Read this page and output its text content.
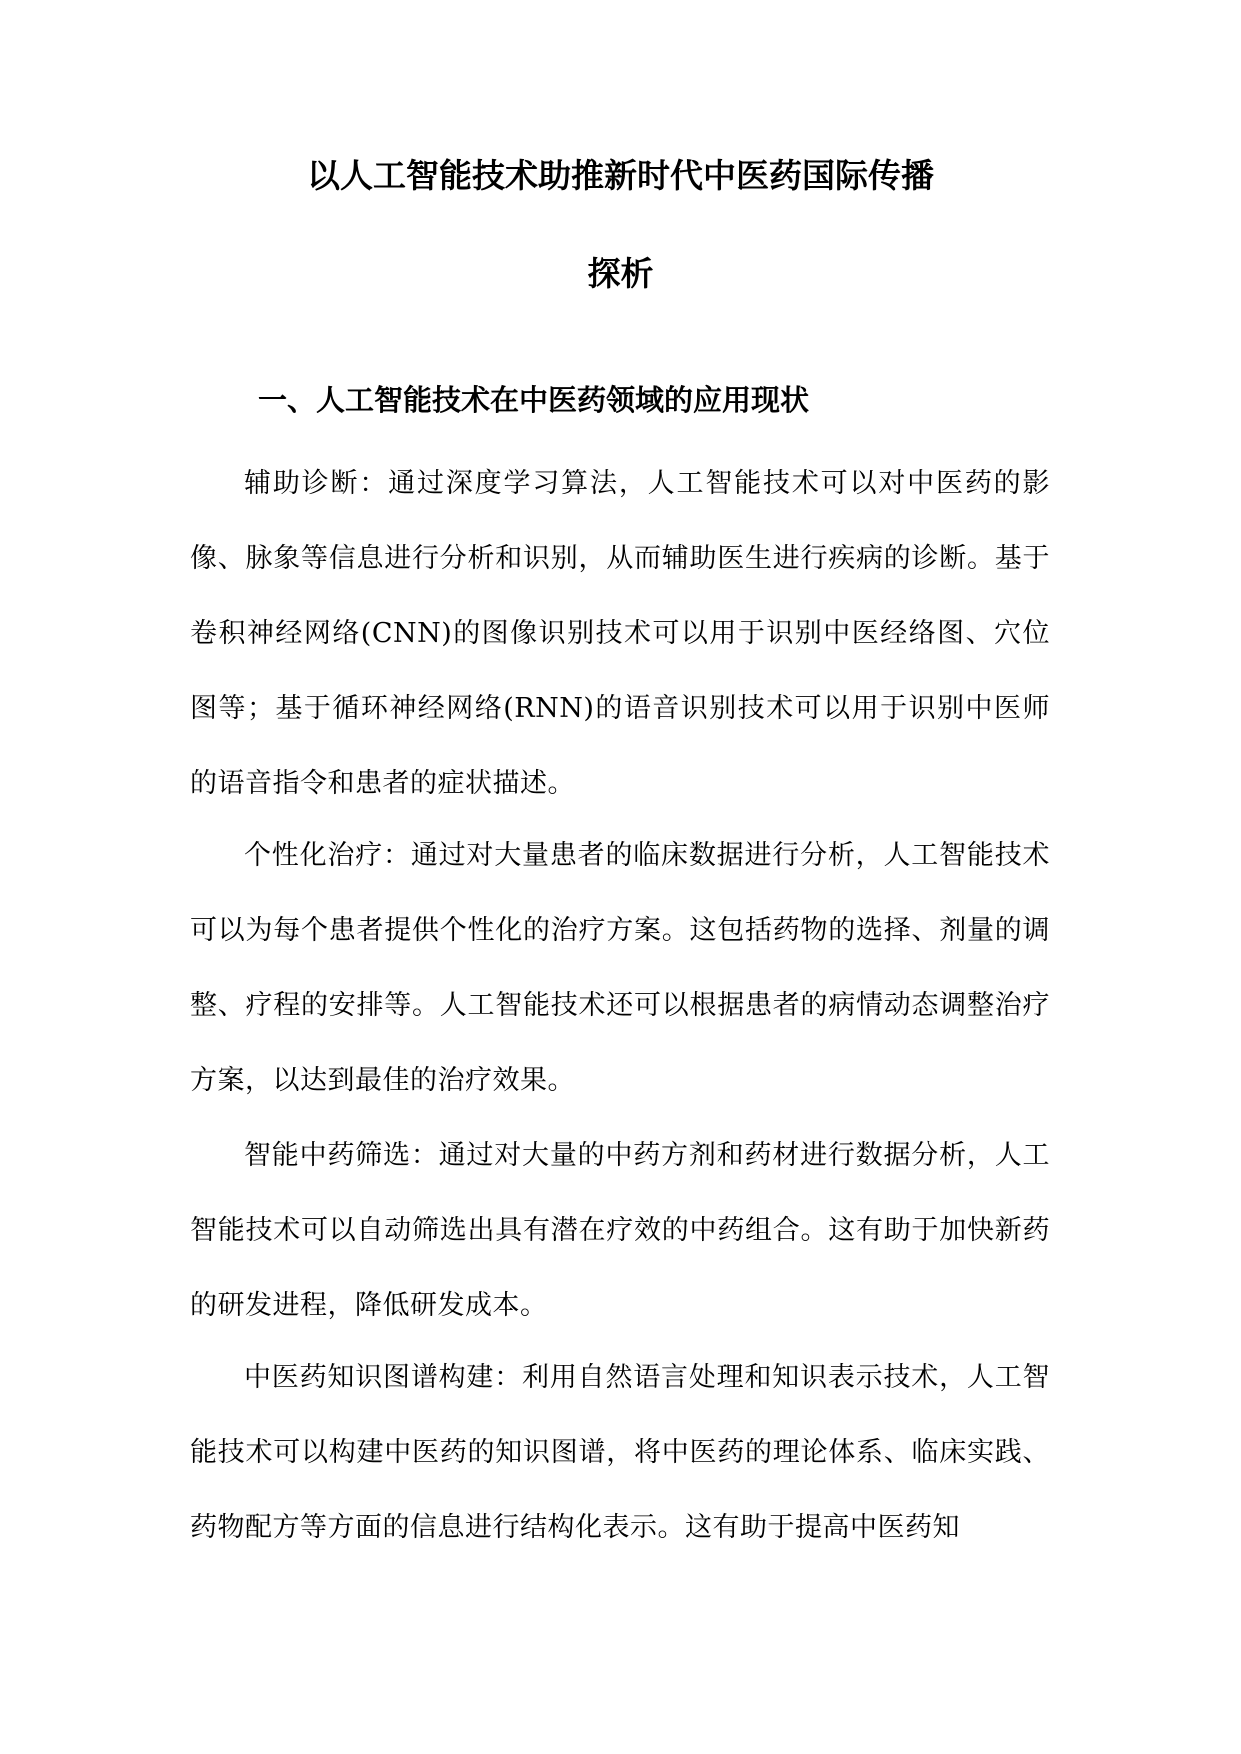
以人工智能技术助推新时代中医药国际传播
探析
一、人工智能技术在中医药领域的应用现状

辅助诊断：通过深度学习算法，人工智能技术可以对中医药的影像、脉象等信息进行分析和识别，从而辅助医生进行疾病的诊断。基于卷积神经网络(CNN)的图像识别技术可以用于识别中医经络图、穴位图等；基于循环神经网络(RNN)的语音识别技术可以用于识别中医师的语音指令和患者的症状描述。

个性化治疗：通过对大量患者的临床数据进行分析，人工智能技术可以为每个患者提供个性化的治疗方案。这包括药物的选择、剂量的调整、疗程的安排等。人工智能技术还可以根据患者的病情动态调整治疗方案，以达到最佳的治疗效果。

智能中药筛选：通过对大量的中药方剂和药材进行数据分析，人工智能技术可以自动筛选出具有潜在疗效的中药组合。这有助于加快新药的研发进程，降低研发成本。

中医药知识图谱构建：利用自然语言处理和知识表示技术，人工智能技术可以构建中医药的知识图谱，将中医药的理论体系、临床实践、药物配方等方面的信息进行结构化表示。这有助于提高中医药知
